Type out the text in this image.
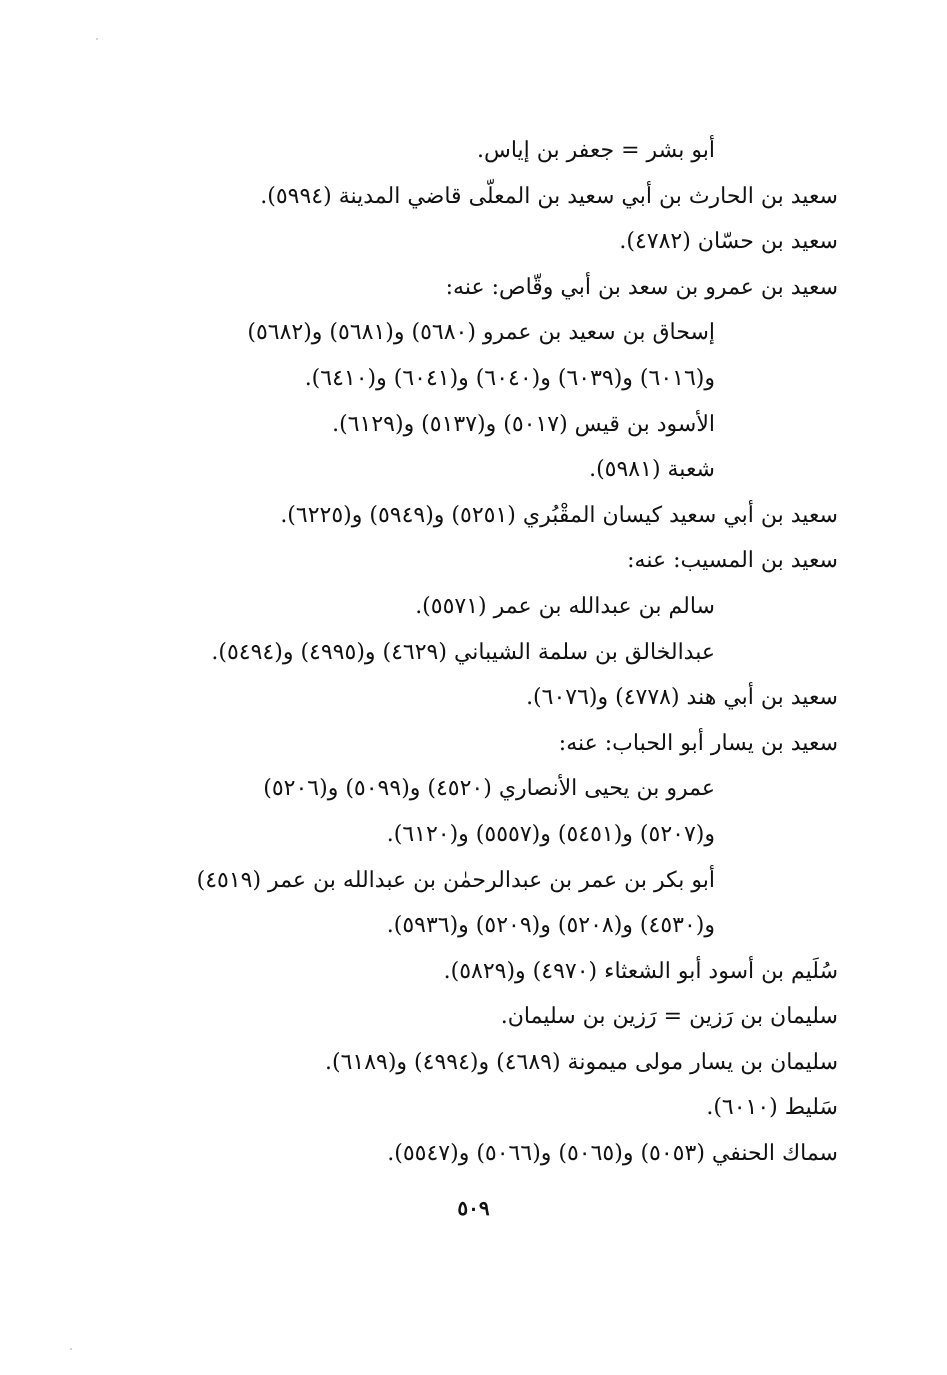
أبو بشر = جعفر بن إياس.
سعيد بن الحارث بن أبي سعيد بن المعلّى قاضي المدينة (٥٩٩٤).
سعيد بن حسّان (٤٧٨٢).
سعيد بن عمرو بن سعد بن أبي وقّاص: عنه:
إسحاق بن سعيد بن عمرو (٥٦٨٠) و(٥٦٨١) و(٥٦٨٢)
و(٦٠١٦) و(٦٠٣٩) و(٦٠٤٠) و(٦٠٤١) و(٦٤١٠).
الأسود بن قيس (٥٠١٧) و(٥١٣٧) و(٦١٢٩).
شعبة (٥٩٨١).
سعيد بن أبي سعيد كيسان المقْبُري (٥٢٥١) و(٥٩٤٩) و(٦٢٢٥).
سعيد بن المسيب: عنه:
سالم بن عبدالله بن عمر (٥٥٧١).
عبدالخالق بن سلمة الشيباني (٤٦٢٩) و(٤٩٩٥) و(٥٤٩٤).
سعيد بن أبي هند (٤٧٧٨) و(٦٠٧٦).
سعيد بن يسار أبو الحباب: عنه:
عمرو بن يحيى الأنصاري (٤٥٢٠) و(٥٠٩٩) و(٥٢٠٦)
و(٥٢٠٧) و(٥٤٥١) و(٥٥٥٧) و(٦١٢٠).
أبو بكر بن عمر بن عبدالرحمٰن بن عبدالله بن عمر (٤٥١٩)
و(٤٥٣٠) و(٥٢٠٨) و(٥٢٠٩) و(٥٩٣٦).
سُلَيم بن أسود أبو الشعثاء (٤٩٧٠) و(٥٨٢٩).
سليمان بن رَزين = رَزين بن سليمان.
سليمان بن يسار مولى ميمونة (٤٦٨٩) و(٤٩٩٤) و(٦١٨٩).
سَليط (٦٠١٠).
سماك الحنفي (٥٠٥٣) و(٥٠٦٥) و(٥٠٦٦) و(٥٥٤٧).
٥٠٩
